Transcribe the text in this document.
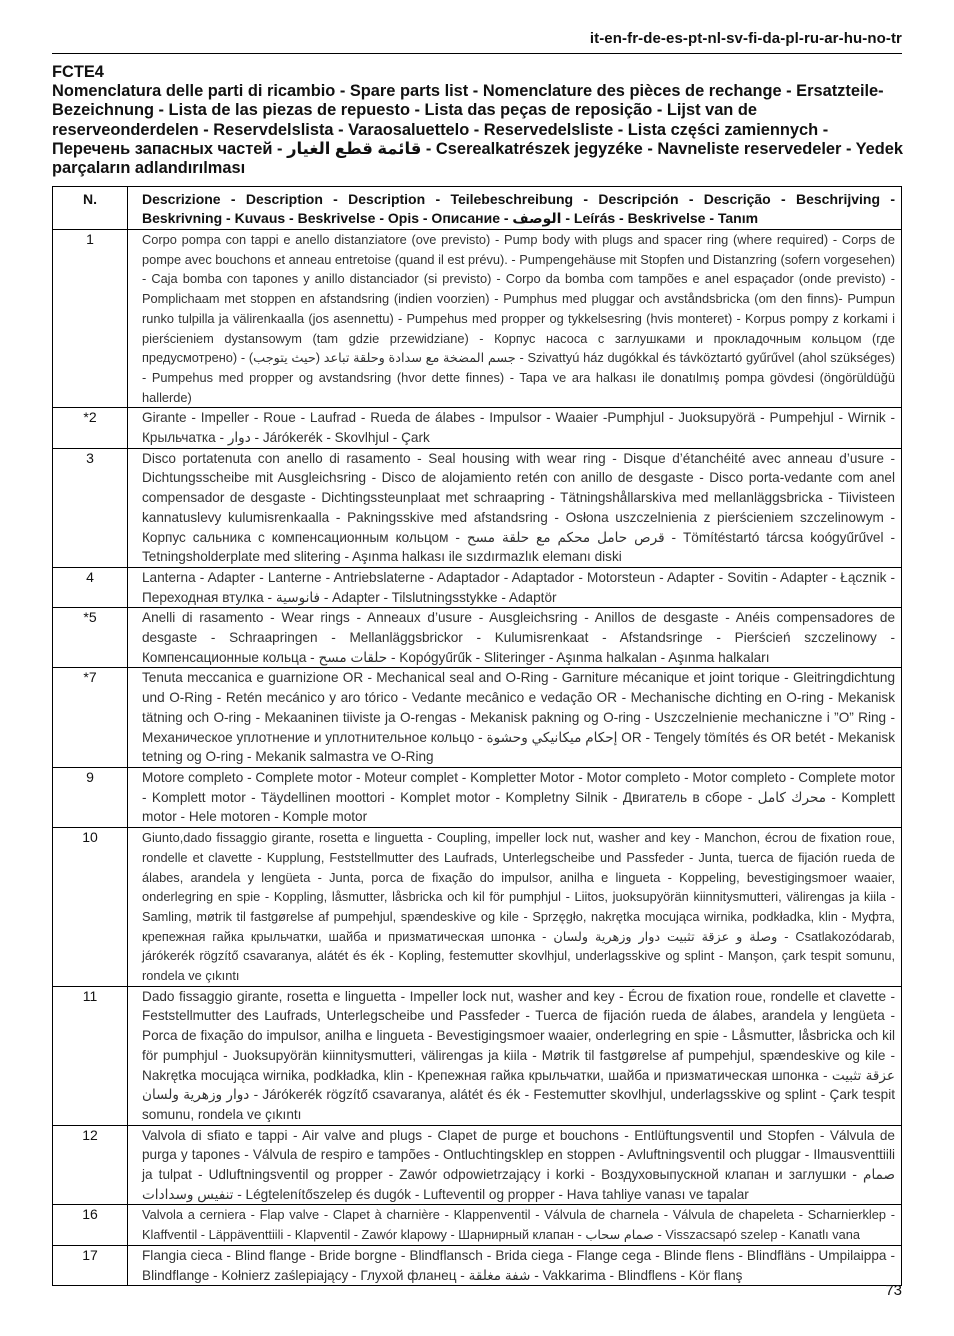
it-en-fr-de-es-pt-nl-sv-fi-da-pl-ru-ar-hu-no-tr
FCTE4
Nomenclatura delle parti di ricambio - Spare parts list - Nomenclature des pièces de rechange - Ersatzteile-Bezeichnung - Lista de las piezas de repuesto - Lista das peças de reposição - Lijst van de reserveonderdelen - Reservdelslista - Varaosaluettelo - Reservedelsliste - Lista części zamiennych - Перечень запасных частей - قائمة قطع الغيار - Cserealkatrészek jegyzéke - Navneliste reservedeler - Yedek parçaların adlandırılması
N.	Descrizione - Description - Description - Teilebeschreibung - Descripción - Descrição - Beschrijving - Beskrivning - Kuvaus - Beskrivelse - Opis - Описание - الوصف - Leírás - Beskrivelse - Tanım
1	Corpo pompa con tappi e anello distanziatore (ove previsto) - Pump body with plugs and spacer ring (where required) - Corps de pompe avec bouchons et anneau entretoise (quand il est prévu). - Pumpengehäuse mit Stopfen und Distanzring (sofern vorgesehen) - Caja bomba con tapones y anillo distanciador (si previsto) - Corpo da bomba com tampões e anel espaçador (onde previsto) - Pomplichaam met stoppen en afstandsring (indien voorzien) - Pumphus med pluggar och avståndsbricka (om den finns)- Pumpun runko tulpilla ja välirenkaalla (jos asennettu) - Pumpehus med propper og tykkelsesring (hvis monteret) - Korpus pompy z korkami i pierścieniem dystansowym (tam gdzie przewidziane) - Корпус насоса с заглушками и прокладочным кольцом (где предусмотрено) - جسم المضخة مع سدادة وحلقة تباعد (حيث يتوجب) - Szivattyú ház dugókkal és távköztartó gyűrűvel (ahol szükséges) - Pumpehus med propper og avstandsring (hvor dette finnes) - Tapa ve ara halkası ile donatılmış pompa gövdesi (öngörüldüğü hallerde)
*2	Girante - Impeller - Roue - Laufrad - Rueda de álabes - Impulsor - Waaier -Pumphjul - Juoksupyörä - Pumpehjul - Wirnik - Крыльчатка - دوار - Járókerék - Skovlhjul - Çark
3	Disco portatenuta con anello di rasamento - Seal housing with wear ring - Disque d’étanchéité avec anneau d’usure - Dichtungsscheibe mit Ausgleichsring - Disco de alojamiento retén con anillo de desgaste - Disco porta-vedante com anel compensador de desgaste - Dichtingssteunplaat met schraapring - Tätningshållarskiva med mellanläggsbricka - Tiivisteen kannatuslevy kulumisrenkaalla - Pakningsskive med afstandsring - Osłona uszczelnienia z pierścieniem szczelinowym - Корпус сальника с компенсационным кольцом - قرص حامل محكم مع حلقة مسح - Tömítéstartó tárcsa koógyűrűvel - Tetningsholderplate med slitering - Aşınma halkası ile sızdırmazlık elemanı diski
4	Lanterna - Adapter - Lanterne - Antriebslaterne - Adaptador - Adaptador - Motorsteun - Adapter - Sovitin - Adapter - Łącznik - Переходная втулка - فانوسية - Adapter - Tilslutningsstykke - Adaptör
*5	Anelli di rasamento - Wear rings - Anneaux d’usure - Ausgleichsring - Anillos de desgaste - Anéis compensadores de desgaste - Schraapringen - Mellanläggsbrickor - Kulumisrenkaat - Afstandsringe - Pierścień szczelinowy - Компенсационные кольца - حلقات مسح - Kopógyűrűk - Sliteringer - Aşınma halkalan - Aşınma halkaları
*7	Tenuta meccanica e guarnizione OR - Mechanical seal and O-Ring - Garniture mécanique et joint torique - Gleitringdichtung und O-Ring - Retén mecánico y aro tórico - Vedante mecânico e vedação OR - Mechanische dichting en O-ring - Mekanisk tätning och O-ring - Mekaaninen tiiviste ja O-rengas - Mekanisk pakning og O-ring - Uszczelnienie mechaniczne i ”O” Ring - Механическое уплотнение и уплотнительное кольцо - إحكام ميكانيكي وحشوة OR - Tengely tömítés és OR betét - Mekanisk tetning og O-ring - Mekanik salmastra ve O-Ring
9	Motore completo - Complete motor - Moteur complet - Kompletter Motor - Motor completo - Motor completo - Complete motor - Komplett motor - Täydellinen moottori - Komplet motor - Kompletny Silnik - Двигатель в сборе - محرك كامل - Komplett motor - Hele motoren - Komple motor
10	Giunto,dado fissaggio girante, rosetta e linguetta - Coupling, impeller lock nut, washer and key - Manchon, écrou de fixation roue, rondelle et clavette - Kupplung, Feststellmutter des Laufrads, Unterlegscheibe und Passfeder - Junta, tuerca de fijación rueda de álabes, arandela y lengüeta - Junta, porca de fixação do impulsor, anilha e lingueta - Koppeling, bevestigingsmoer waaier, onderlegring en spie - Koppling, låsmutter, låsbricka och kil för pumphjul - Liitos, juoksupyörän kiinnitysmutteri, välirengas ja kiila - Samling, møtrik til fastgørelse af pumpehjul, spændeskive og kile - Sprzęgło, nakrętka mocująca wirnika, podkładka, klin - Муфта, крепежная гайка крыльчатки, шайба и призматическая шпонка - وصلة و عزقة تثبيت دوار وزهرية ولسان - Csatlakozódarab, járókerék rögzítő csavaranya, alátét és ék - Kopling, festemutter skovlhjul, underlagsskive og splint - Manşon, çark tespit somunu, rondela ve çıkıntı
11	Dado fissaggio girante, rosetta e linguetta - Impeller lock nut, washer and key - Écrou de fixation roue, rondelle et clavette - Feststellmutter des Laufrads, Unterlegscheibe und Passfeder - Tuerca de fijación rueda de álabes, arandela y lengüeta - Porca de fixação do impulsor, anilha e lingueta - Bevestigingsmoer waaier, onderlegring en spie - Låsmutter, låsbricka och kil för pumphjul - Juoksupyörän kiinnitysmutteri, välirengas ja kiila - Møtrik til fastgørelse af pumpehjul, spændeskive og kile - Nakrętka mocująca wirnika, podkładka, klin - Крепежная гайка крыльчатки, шайба и призматическая шпонка - عزقة تثبيت دوار وزهرية ولسان - Járókerék rögzítő csavaranya, alátét és ék - Festemutter skovlhjul, underlagsskive og splint - Çark tespit somunu, rondela ve çıkıntı
12	Valvola di sfiato e tappi - Air valve and plugs - Clapet de purge et bouchons - Entlüftungsventil und Stopfen - Válvula de purga y tapones - Válvula de respiro e tampões - Ontluchtingsklep en stoppen - Avluftningsventil och pluggar - Ilmausventtiili ja tulpat - Udluftningsventil og propper - Zawór odpowietrzający i korki - Воздуховыпускной клапан и заглушки - صمام تنفيس وسدادات - Légtelenítőszelep és dugók - Lufteventil og propper - Hava tahliye vanası ve tapalar
16	Valvola a cerniera - Flap valve - Clapet à charnière - Klappenventil - Válvula de charnela - Válvula de chapeleta - Scharnierklep - Klaffventil - Läppäventtiili - Klapventil - Zawór klapowy - Шарнирный клапан - صمام سحاب - Visszacsapó szelep - Kanatlı vana
17	Flangia cieca - Blind flange - Bride borgne - Blindflansch - Brida ciega - Flange cega - Blinde flens - Blindfläns - Umpilaippa - Blindflange - Kołnierz zaślepiający - Глухой фланец - شفة مغلقة - Vakkarima - Blindflens - Kör flanş
73
